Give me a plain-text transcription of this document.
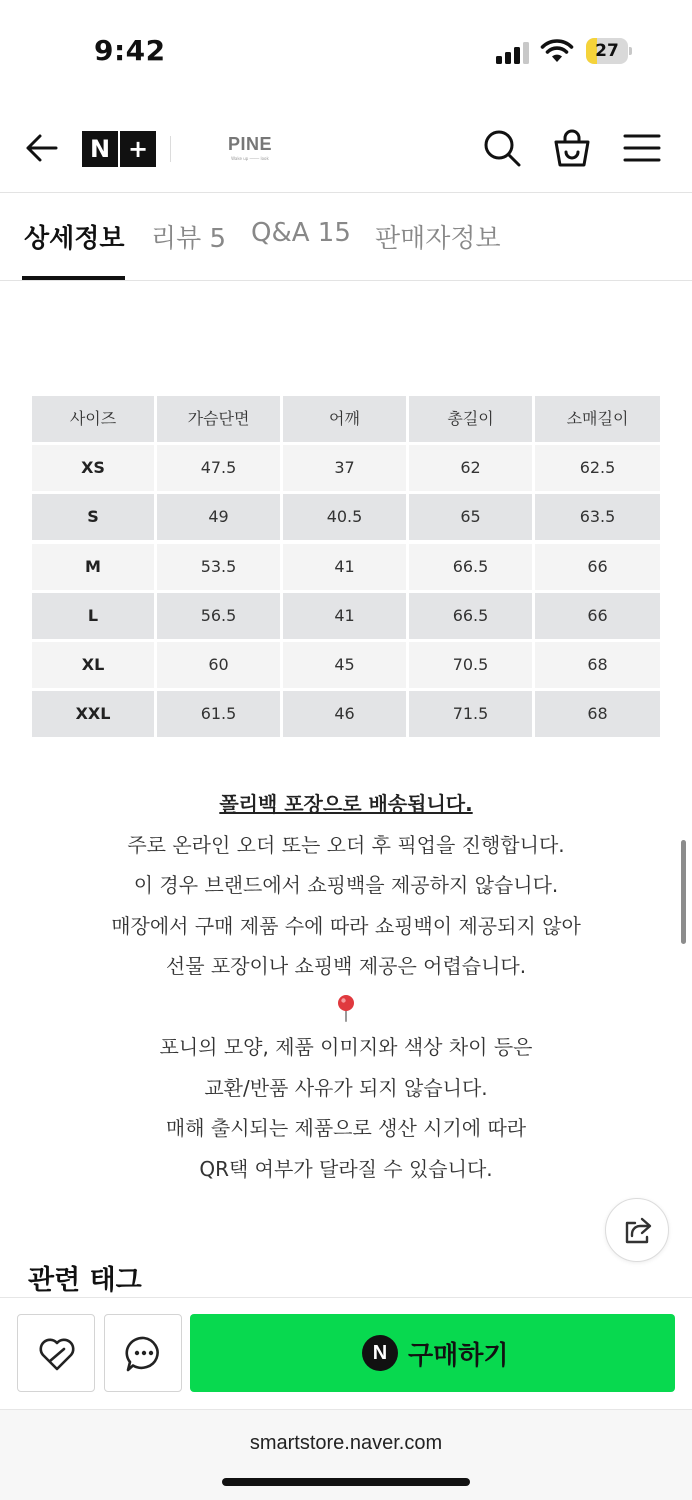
9:42	27
N +	PINE
Wake up ──── look
상세정보 리뷰 5 Q&A 15 판매자정보
사이즈	가슴단면	어깨	총길이	소매길이
XS	47.5	37	62	62.5
S	49	40.5	65	63.5
M	53.5	41	66.5	66
L	56.5	41	66.5	66
XL	60	45	70.5	68
XXL	61.5	46	71.5	68

폴리백 포장으로 배송됩니다.

주로 온라인 오더 또는 오더 후 픽업을 진행합니다.

이 경우 브랜드에서 쇼핑백을 제공하지 않습니다.

매장에서 구매 제품 수에 따라 쇼핑백이 제공되지 않아

선물 포장이나 쇼핑백 제공은 어렵습니다.

포니의 모양, 제품 이미지와 색상 차이 등은

교환/반품 사유가 되지 않습니다.

매해 출시되는 제품으로 생산 시기에 따라

QR택 여부가 달라질 수 있습니다.

관련 태그
N 구매하기
smartstore.naver.com
